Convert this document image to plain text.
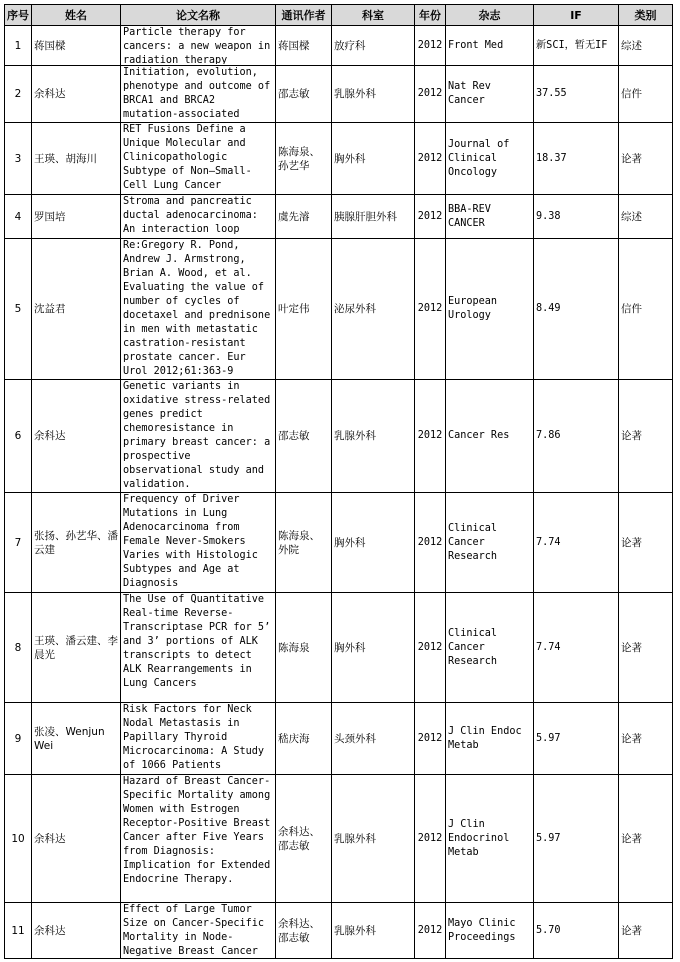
序号	姓名	论文名称	通讯作者	科室	年份	杂志	IF	类别
1	蒋国樑	Particle therapy for cancers: a new weapon in radiation therapy	蒋国樑	放疗科	2012	Front Med	新SCI，暂无IF	综述
2	余科达	Initiation, evolution, phenotype and outcome of BRCA1 and BRCA2 mutation-associated	邵志敏	乳腺外科	2012	Nat Rev Cancer	37.55	信件
3	王瑛、胡海川	RET Fusions Define a Unique Molecular and Clinicopathologic Subtype of Non–Small-Cell Lung Cancer	陈海泉、孙艺华	胸外科	2012	Journal of Clinical Oncology	18.37	论著
4	罗国培	Stroma and pancreatic ductal adenocarcinoma: An interaction loop	虞先濬	胰腺肝胆外科	2012	BBA-REV CANCER	9.38	综述
5	沈益君	Re:Gregory R. Pond, Andrew J. Armstrong, Brian A. Wood, et al. Evaluating the value of number of cycles of docetaxel and prednisone in men with metastatic castration-resistant prostate cancer. Eur Urol 2012;61:363-9	叶定伟	泌尿外科	2012	European Urology	8.49	信件
6	余科达	Genetic variants in oxidative stress-related genes predict chemoresistance in primary breast cancer: a prospective observational study and validation.	邵志敏	乳腺外科	2012	Cancer Res	7.86	论著
7	张扬、孙艺华、潘云建	Frequency of Driver Mutations in Lung Adenocarcinoma from Female Never-Smokers Varies with Histologic Subtypes and Age at Diagnosis	陈海泉、外院	胸外科	2012	Clinical Cancer Research	7.74	论著
8	王瑛、潘云建、李晨光	The Use of Quantitative Real-time Reverse-Transcriptase PCR for 5’ and 3’ portions of ALK transcripts to detect ALK Rearrangements in Lung Cancers	陈海泉	胸外科	2012	Clinical Cancer Research	7.74	论著
9	张凌、Wenjun Wei	Risk Factors for Neck Nodal Metastasis in Papillary Thyroid Microcarcinoma: A Study of 1066 Patients	嵇庆海	头颈外科	2012	J Clin Endoc Metab	5.97	论著
10	余科达	Hazard of Breast Cancer-Specific Mortality among Women with Estrogen Receptor-Positive Breast Cancer after Five Years from Diagnosis: Implication for Extended Endocrine Therapy.	余科达、邵志敏	乳腺外科	2012	J Clin Endocrinol Metab	5.97	论著
11	余科达	Effect of Large Tumor Size on Cancer-Specific Mortality in Node-Negative Breast Cancer	余科达、邵志敏	乳腺外科	2012	Mayo Clinic Proceedings	5.70	论著
